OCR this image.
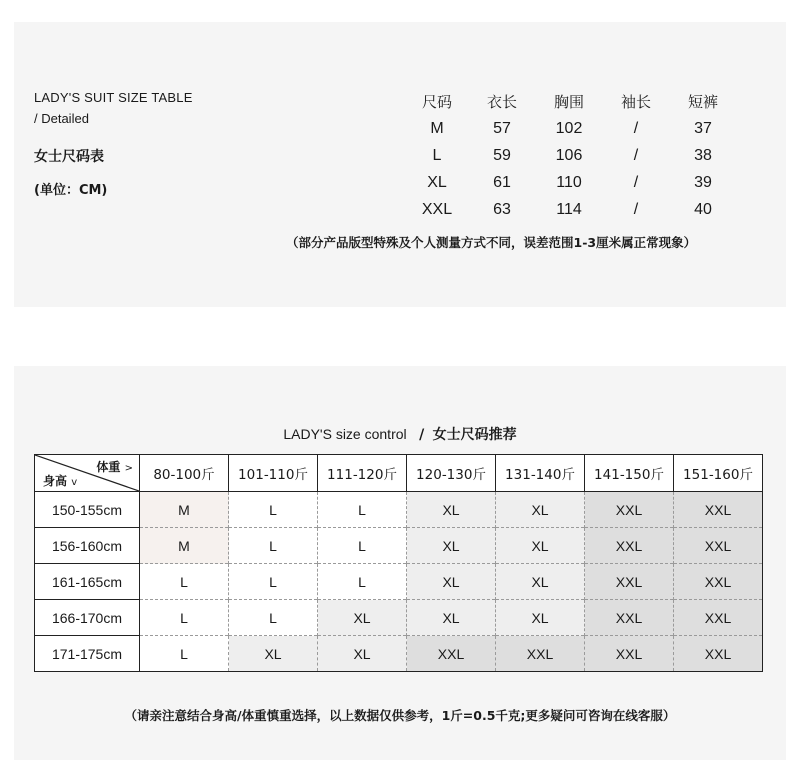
LADY'S SUIT SIZE TABLE
/ Detailed
女士尺码表
(单位：CM)
尺码	衣长	胸围	袖长	短裤
M	57	102	/	37
L	59	106	/	38
XL	61	110	/	39
XXL	63	114	/	40
（部分产品版型特殊及个人测量方式不同，误差范围1-3厘米属正常现象）
LADY'S size control / 女士尺码推荐
体重 >
身高 v	80-100斤	101-110斤	111-120斤	120-130斤	131-140斤	141-150斤	151-160斤
150-155cm	M	L	L	XL	XL	XXL	XXL
156-160cm	M	L	L	XL	XL	XXL	XXL
161-165cm	L	L	L	XL	XL	XXL	XXL
166-170cm	L	L	XL	XL	XL	XXL	XXL
171-175cm	L	XL	XL	XXL	XXL	XXL	XXL
（请亲注意结合身高/体重慎重选择，以上数据仅供参考，1斤=0.5千克;更多疑问可咨询在线客服）
